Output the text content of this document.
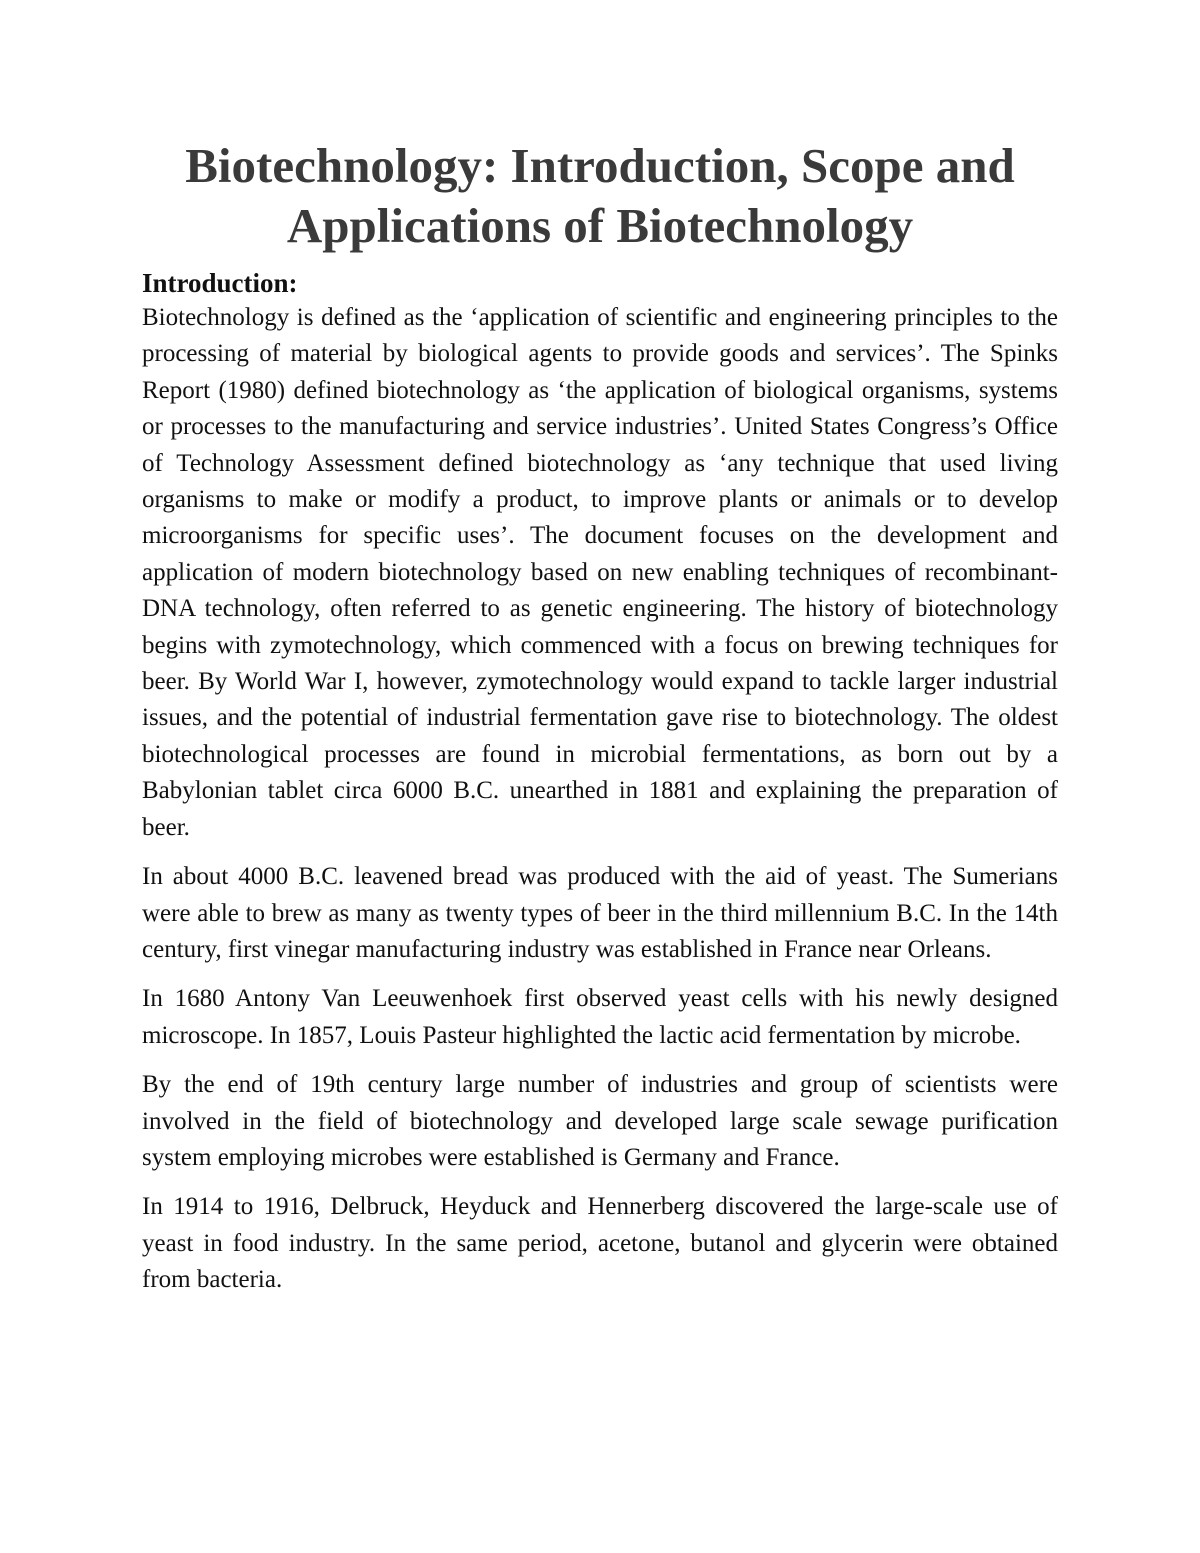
Biotechnology: Introduction, Scope and
Applications of Biotechnology
Introduction:

Biotechnology is defined as the ‘application of scientific and engineering principles to the processing of material by biological agents to provide goods and services’. The Spinks Report (1980) defined biotechnology as ‘the application of biological organisms, systems or processes to the manufacturing and service industries’. United States Congress’s Office of Technology Assessment defined biotechnology as ‘any technique that used living organisms to make or modify a product, to improve plants or animals or to develop microorganisms for specific uses’. The document focuses on the development and application of modern biotechnology based on new enabling techniques of recombinant-DNA technology, often referred to as genetic engineering. The history of biotechnology begins with zymotechnology, which commenced with a focus on brewing techniques for beer. By World War I, however, zymotechnology would expand to tackle larger industrial issues, and the potential of industrial fermentation gave rise to biotechnology. The oldest biotechnological processes are found in microbial fermentations, as born out by a Babylonian tablet circa 6000 B.C. unearthed in 1881 and explaining the preparation of beer.

In about 4000 B.C. leavened bread was produced with the aid of yeast. The Sumerians were able to brew as many as twenty types of beer in the third millennium B.C. In the 14th century, first vinegar manufacturing industry was established in France near Orleans.

In 1680 Antony Van Leeuwenhoek first observed yeast cells with his newly designed microscope. In 1857, Louis Pasteur highlighted the lactic acid fermentation by microbe.

By the end of 19th century large number of industries and group of scientists were involved in the field of biotechnology and developed large scale sewage purification system employing microbes were established is Germany and France.

In 1914 to 1916, Delbruck, Heyduck and Hennerberg discovered the large-scale use of yeast in food industry. In the same period, acetone, butanol and glycerin were obtained from bacteria.
